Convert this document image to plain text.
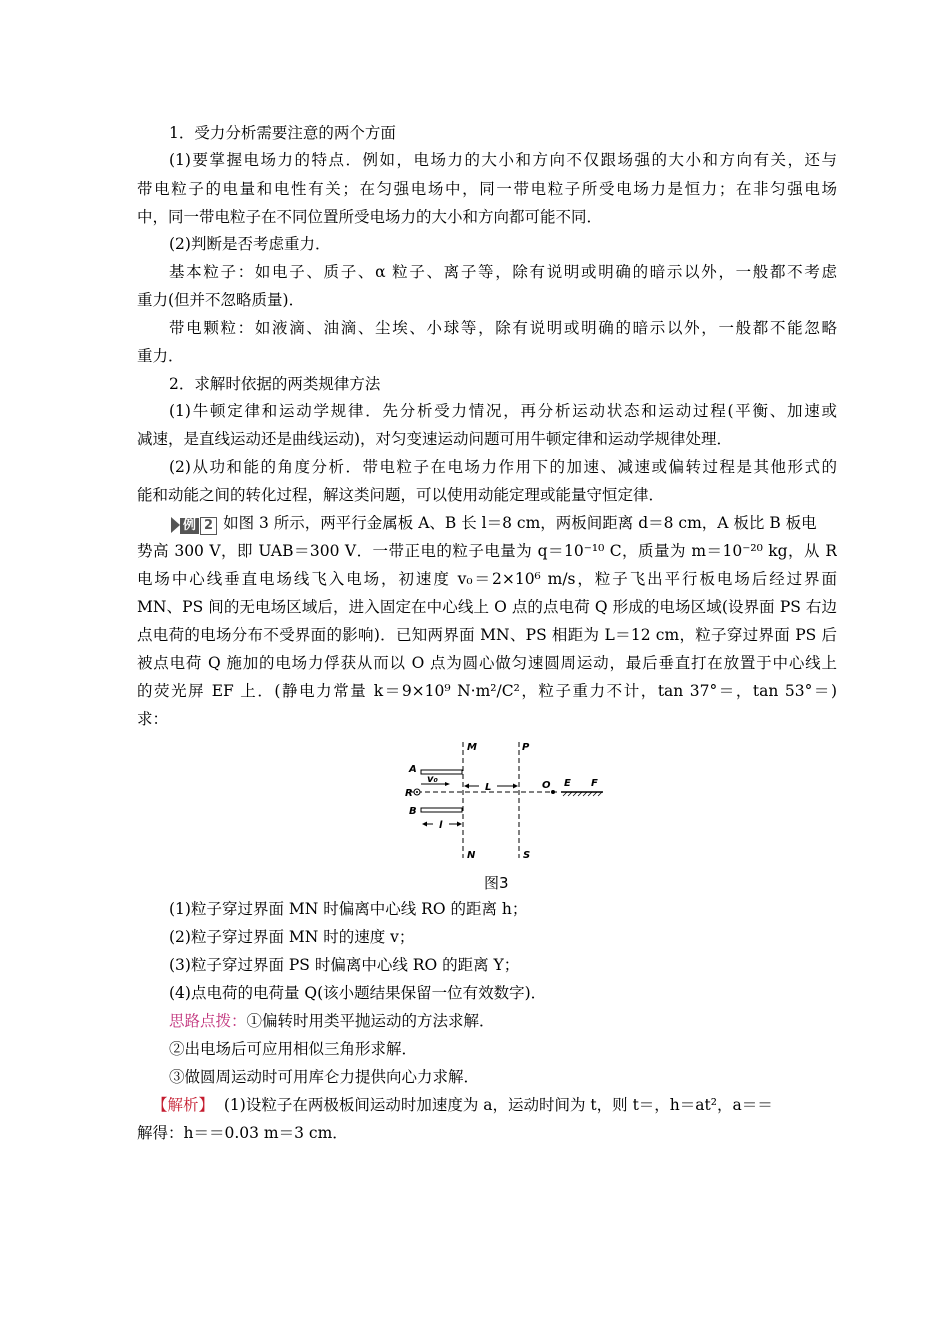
1．受力分析需要注意的两个方面
(1)要掌握电场力的特点．例如，电场力的大小和方向不仅跟场强的大小和方向有关，还与
带电粒子的电量和电性有关；在匀强电场中，同一带电粒子所受电场力是恒力；在非匀强电场
中，同一带电粒子在不同位置所受电场力的大小和方向都可能不同．
(2)判断是否考虑重力．
基本粒子：如电子、质子、α 粒子、离子等，除有说明或明确的暗示以外，一般都不考虑
重力(但并不忽略质量)．
带电颗粒：如液滴、油滴、尘埃、小球等，除有说明或明确的暗示以外，一般都不能忽略
重力．
2．求解时依据的两类规律方法
(1)牛顿定律和运动学规律．先分析受力情况，再分析运动状态和运动过程(平衡、加速或
减速，是直线运动还是曲线运动)，对匀变速运动问题可用牛顿定律和运动学规律处理．
(2)从功和能的角度分析．带电粒子在电场力作用下的加速、减速或偏转过程是其他形式的
能和动能之间的转化过程，解这类问题，可以使用动能定理或能量守恒定律．
例 2 如图 3 所示，两平行金属板 A、B 长 l＝8 cm，两板间距离 d＝8 cm，A 板比 B 板电
势高 300 V，即 UAB＝300 V．一带正电的粒子电量为 q＝10⁻¹⁰ C，质量为 m＝10⁻²⁰ kg，从 R
电场中心线垂直电场线飞入电场，初速度 v₀＝2×10⁶ m/s，粒子飞出平行板电场后经过界面
MN、PS 间的无电场区域后，进入固定在中心线上 O 点的点电荷 Q 形成的电场区域(设界面 PS 右边
点电荷的电场分布不受界面的影响)．已知两界面 MN、PS 相距为 L＝12 cm，粒子穿过界面 PS 后
被点电荷 Q 施加的电场力俘获从而以 O 点为圆心做匀速圆周运动，最后垂直打在放置于中心线上
的荧光屏 EF 上．(静电力常量 k＝9×10⁹ N·m²/C²，粒子重力不计，tan 37°＝，tan 53°＝)
求：
M	P
A
R
v₀
L	O E F
B
l
N	S
图3
(1)粒子穿过界面 MN 时偏离中心线 RO 的距离 h；
(2)粒子穿过界面 MN 时的速度 v；
(3)粒子穿过界面 PS 时偏离中心线 RO 的距离 Y；
(4)点电荷的电荷量 Q(该小题结果保留一位有效数字)．
思路点拨：①偏转时用类平抛运动的方法求解．
②出电场后可应用相似三角形求解．
③做圆周运动时可用库仑力提供向心力求解．
【解析】 (1)设粒子在两极板间运动时加速度为 a，运动时间为 t，则 t＝，h＝at²，a＝＝
解得：h＝＝0.03 m＝3 cm．
